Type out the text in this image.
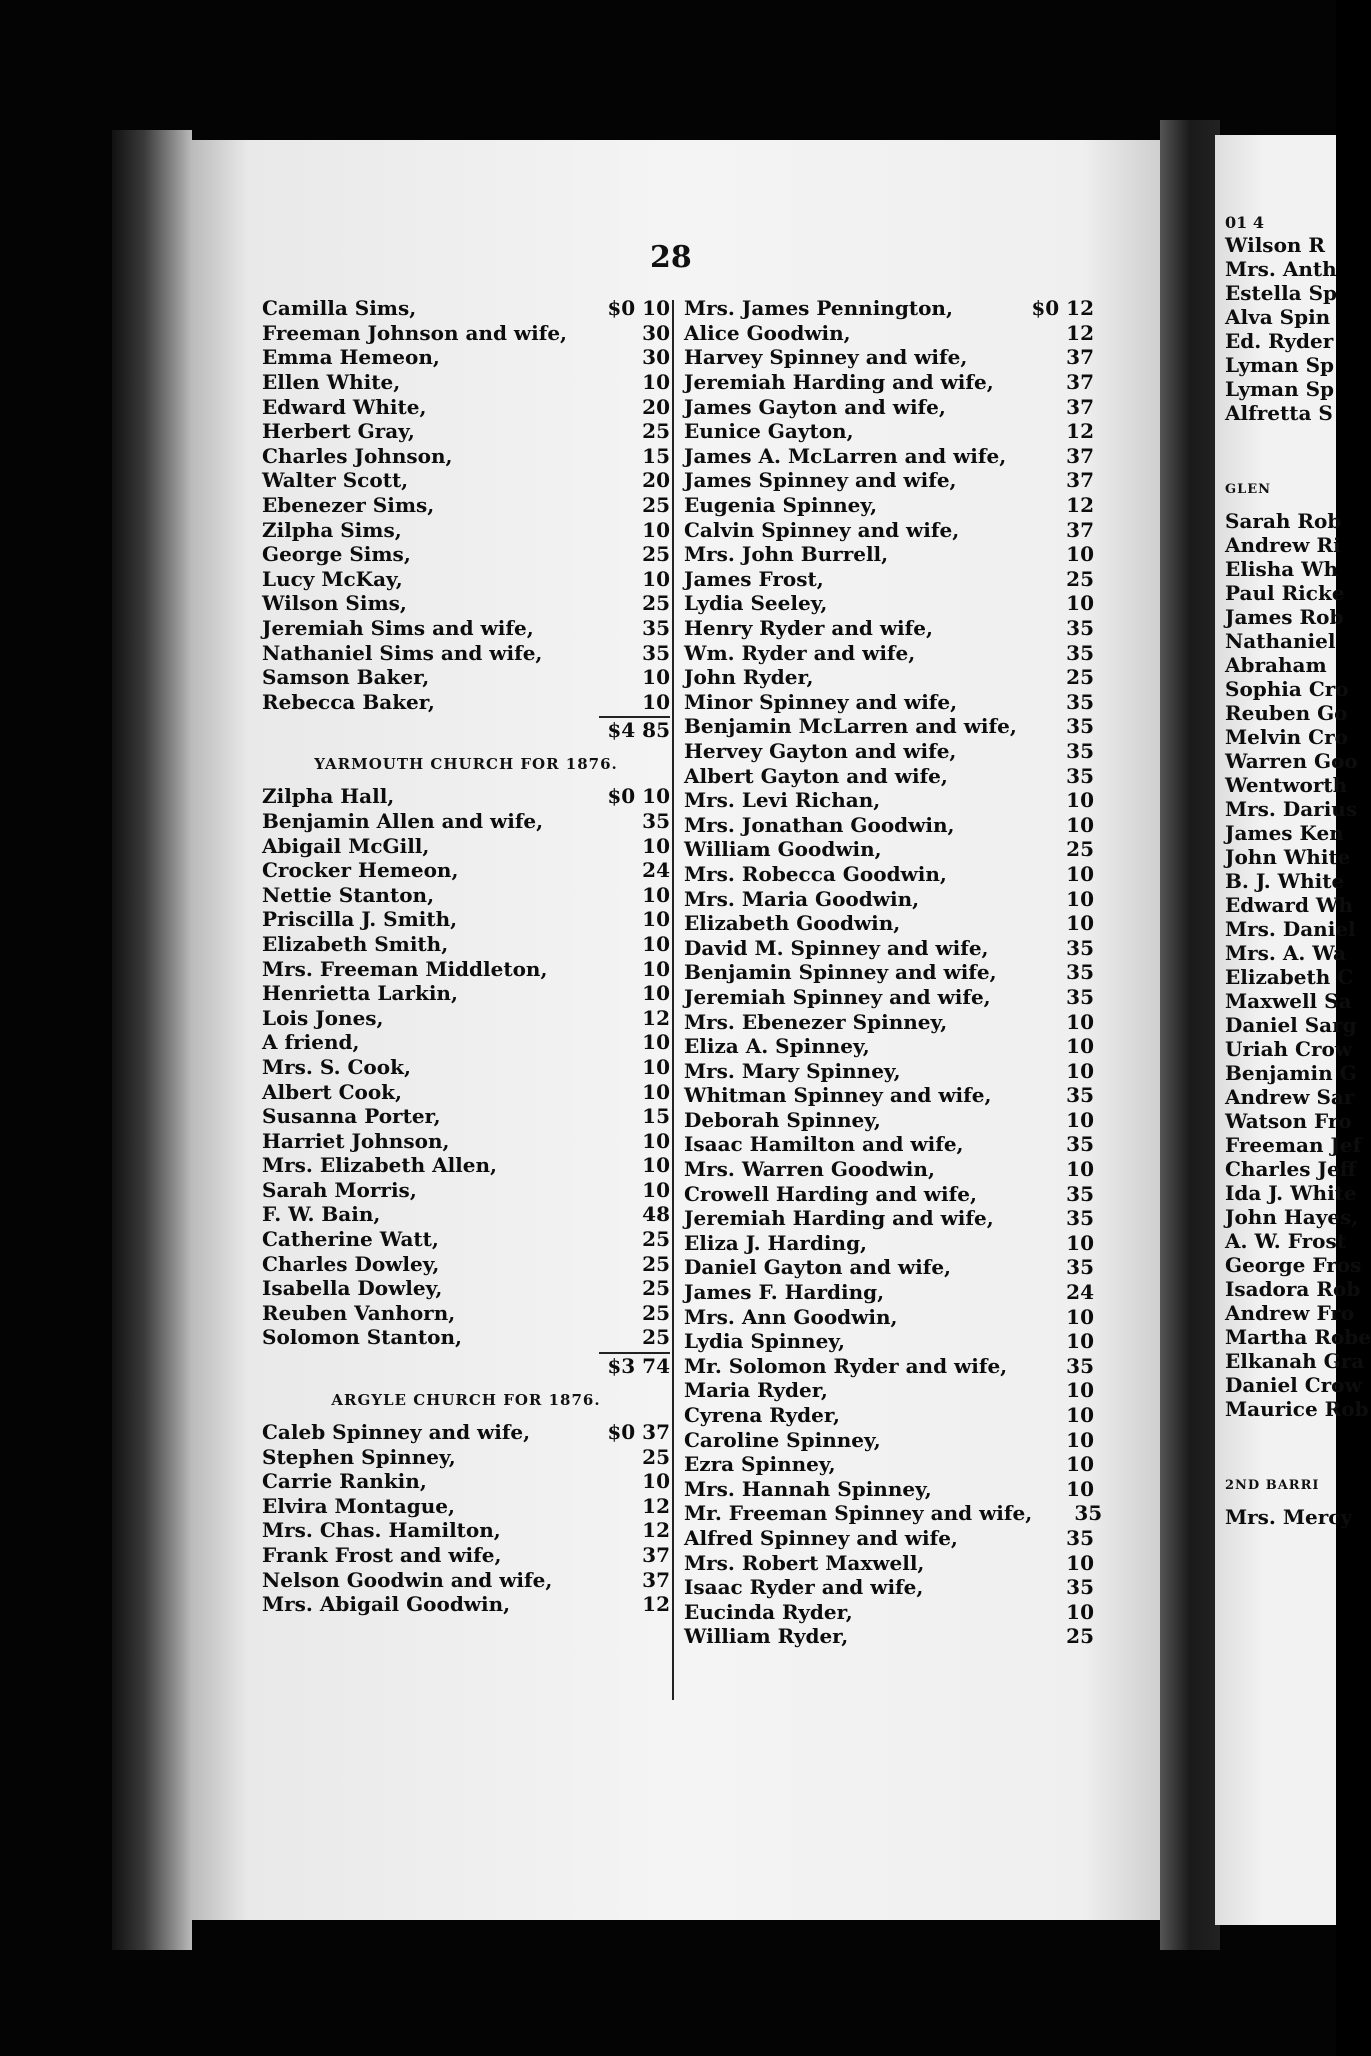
28
Camilla Sims,	$0 10
Freeman Johnson and wife,	30
Emma Hemeon,	30
Ellen White,	10
Edward White,	20
Herbert Gray,	25
Charles Johnson,	15
Walter Scott,	20
Ebenezer Sims,	25
Zilpha Sims,	10
George Sims,	25
Lucy McKay,	10
Wilson Sims,	25
Jeremiah Sims and wife,	35
Nathaniel Sims and wife,	35
Samson Baker,	10
Rebecca Baker,	10
$4 85
YARMOUTH CHURCH FOR 1876.
Zilpha Hall,	$0 10
Benjamin Allen and wife,	35
Abigail McGill,	10
Crocker Hemeon,	24
Nettie Stanton,	10
Priscilla J. Smith,	10
Elizabeth Smith,	10
Mrs. Freeman Middleton,	10
Henrietta Larkin,	10
Lois Jones,	12
A friend,	10
Mrs. S. Cook,	10
Albert Cook,	10
Susanna Porter,	15
Harriet Johnson,	10
Mrs. Elizabeth Allen,	10
Sarah Morris,	10
F. W. Bain,	48
Catherine Watt,	25
Charles Dowley,	25
Isabella Dowley,	25
Reuben Vanhorn,	25
Solomon Stanton,	25
$3 74
ARGYLE CHURCH FOR 1876.
Caleb Spinney and wife,	$0 37
Stephen Spinney,	25
Carrie Rankin,	10
Elvira Montague,	12
Mrs. Chas. Hamilton,	12
Frank Frost and wife,	37
Nelson Goodwin and wife,	37
Mrs. Abigail Goodwin,	12
Mrs. James Pennington,	$0 12
Alice Goodwin,	12
Harvey Spinney and wife,	37
Jeremiah Harding and wife,	37
James Gayton and wife,	37
Eunice Gayton,	12
James A. McLarren and wife,	37
James Spinney and wife,	37
Eugenia Spinney,	12
Calvin Spinney and wife,	37
Mrs. John Burrell,	10
James Frost,	25
Lydia Seeley,	10
Henry Ryder and wife,	35
Wm. Ryder and wife,	35
John Ryder,	25
Minor Spinney and wife,	35
Benjamin McLarren and wife,	35
Hervey Gayton and wife,	35
Albert Gayton and wife,	35
Mrs. Levi Richan,	10
Mrs. Jonathan Goodwin,	10
William Goodwin,	25
Mrs. Robecca Goodwin,	10
Mrs. Maria Goodwin,	10
Elizabeth Goodwin,	10
David M. Spinney and wife,	35
Benjamin Spinney and wife,	35
Jeremiah Spinney and wife,	35
Mrs. Ebenezer Spinney,	10
Eliza A. Spinney,	10
Mrs. Mary Spinney,	10
Whitman Spinney and wife,	35
Deborah Spinney,	10
Isaac Hamilton and wife,	35
Mrs. Warren Goodwin,	10
Crowell Harding and wife,	35
Jeremiah Harding and wife,	35
Eliza J. Harding,	10
Daniel Gayton and wife,	35
James F. Harding,	24
Mrs. Ann Goodwin,	10
Lydia Spinney,	10
Mr. Solomon Ryder and wife,	35
Maria Ryder,	10
Cyrena Ryder,	10
Caroline Spinney,	10
Ezra Spinney,	10
Mrs. Hannah Spinney,	10
Mr. Freeman Spinney and wife,	35
Alfred Spinney and wife,	35
Mrs. Robert Maxwell,	10
Isaac Ryder and wife,	35
Eucinda Ryder,	10
William Ryder,	25
01 4
Wilson R
Mrs. Anth
Estella Sp
Alva Spin
Ed. Ryder
Lyman Sp
Lyman Sp
Alfretta S
GLEN
Sarah Rob
Andrew Ri
Elisha Wh
Paul Ricke
James Rob
Nathaniel
Abraham
Sophia Cro
Reuben Go
Melvin Cro
Warren Goo
Wentworth
Mrs. Darius
James Ken
John White
B. J. White
Edward Wh
Mrs. Daniel
Mrs. A. Wa
Elizabeth C
Maxwell Sa
Daniel Sarg
Uriah Crow
Benjamin G
Andrew Sar
Watson Fro
Freeman Jef
Charles Jeff
Ida J. White
John Hayes,
A. W. Frost
George Fros
Isadora Rob
Andrew Fro
Martha Robe
Elkanah Gra
Daniel Crow
Maurice Rob
2ND BARRI
Mrs. Mercy
